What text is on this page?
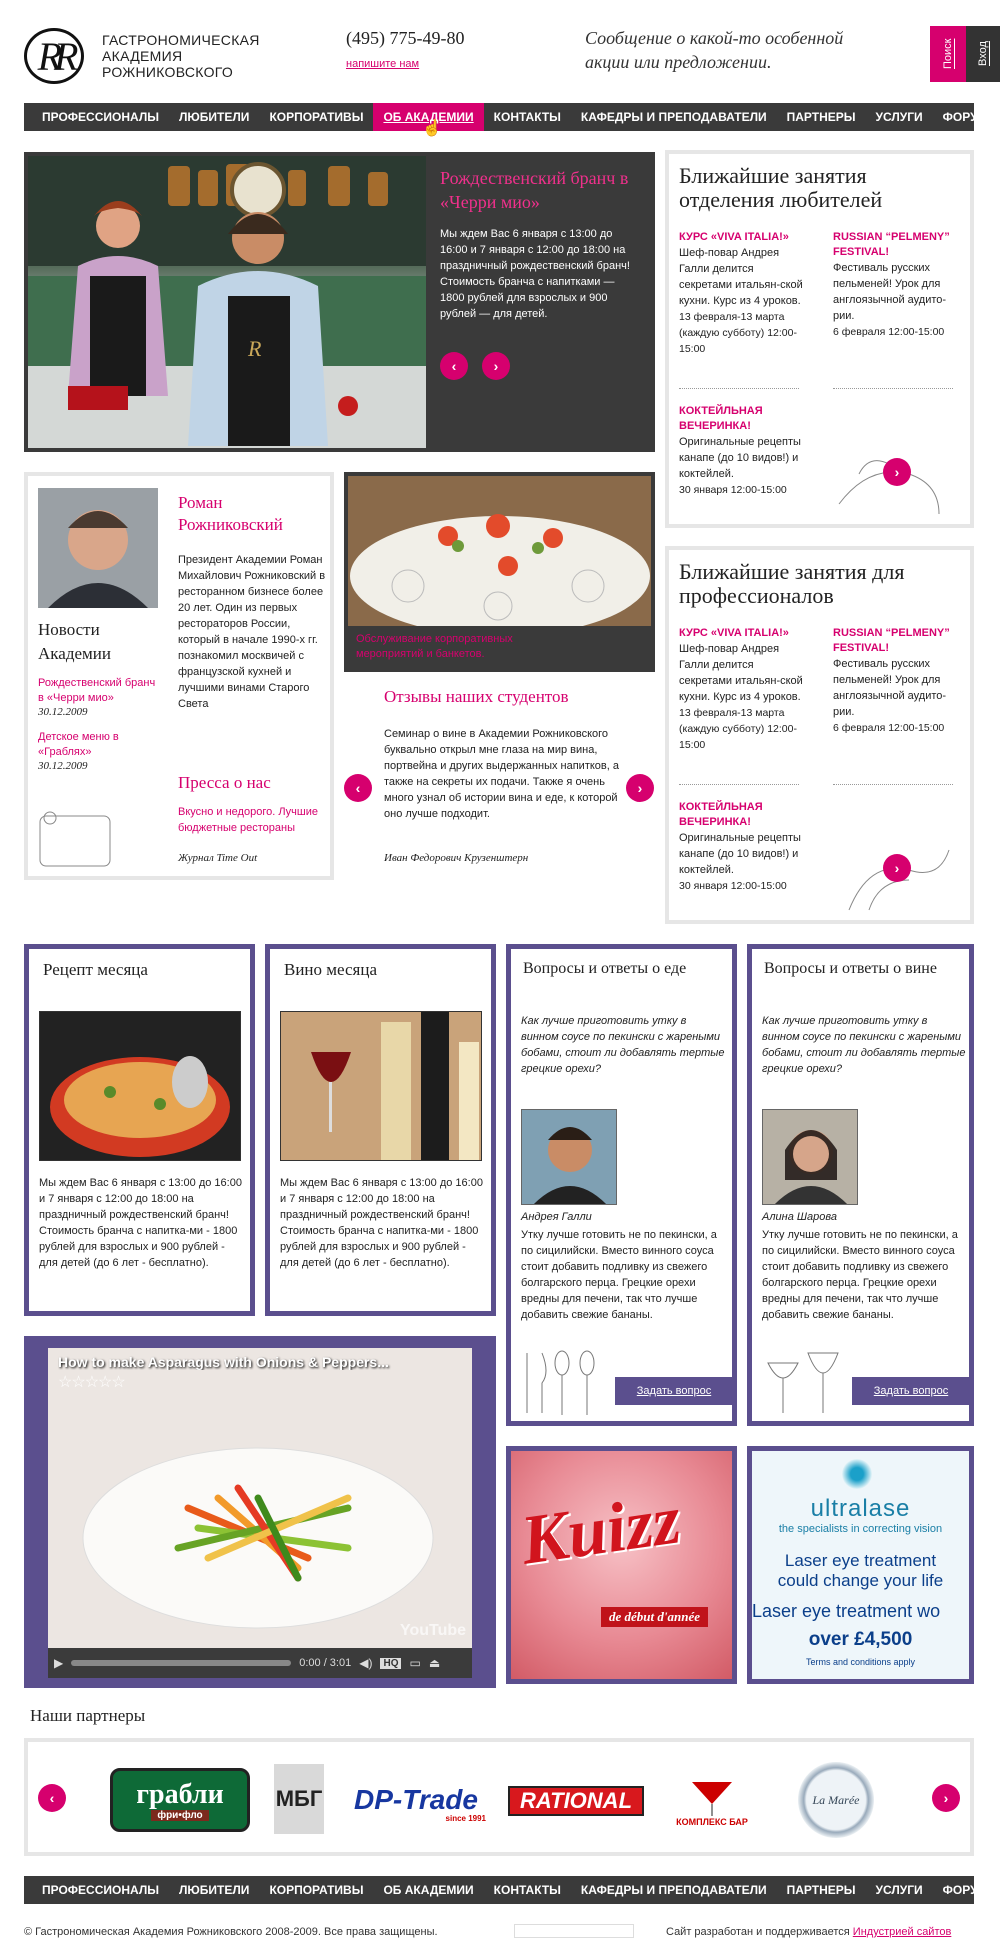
RR ГАСТРОНОМИЧЕСКАЯ АКАДЕМИЯ РОЖНИКОВСКОГО
(495) 775-49-80
напишите нам
Сообщение о какой-то особенной акции или предложении.	Поиск	Вход
ПРОФЕССИОНАЛЫ	ЛЮБИТЕЛИ	КОРПОРАТИВЫ	ОБ АКАДЕМИИ	КОНТАКТЫ	КАФЕДРЫ И ПРЕПОДАВАТЕЛИ	ПАРТНЕРЫ	УСЛУГИ	ФОРУМ
☝
R
Рождественский бранч в «Черри мио»
Мы ждем Вас 6 января с 13:00 до 16:00 и 7 января с 12:00 до 18:00 на праздничный рождественский бранч! Стоимость бранча с напитками — 1800 рублей для взрослых и 900 рублей — для детей.
‹	›
Ближайшие занятия отделения любителей
КУРС «VIVA ITALIA!»
Шеф-повар Андрея Галли делится секретами итальян-ской кухни. Курс из 4 уроков.
13 февраля-13 марта (каждую субботу) 12:00-15:00
RUSSIAN “PELMENY” FESTIVAL!
Фестиваль русских пельменей! Урок для англоязычной аудито-рии.
6 февраля 12:00-15:00
КОКТЕЙЛЬНАЯ ВЕЧЕРИНКА!
Оригинальные рецепты канапе (до 10 видов!) и коктейлей.
30 января 12:00-15:00
›
Новости Академии
Рождественский бранч в «Черри мио»
30.12.2009
Детское меню в «Граблях»
30.12.2009
Роман Рожниковский
Президент Академии Роман Михайлович Рожниковский в ресторанном бизнесе более 20 лет. Один из первых рестораторов России, который в начале 1990-х гг. познакомил москвичей с французской кухней и лучшими винами Старого Света
Пресса о нас
Вкусно и недорого. Лучшие бюджетные рестораны
Журнал Time Out
Обслуживание корпоративных мероприятий и банкетов.
Отзывы наших студентов
Семинар о вине в Академии Рожниковского буквально открыл мне глаза на мир вина, портвейна и других выдержанных напитков, а также на секреты их подачи. Также я очень много узнал об истории вина и еде, к которой оно лучше подходит.
Иван Федорович Крузенштерн
‹	›
Ближайшие занятия для профессионалов
КУРС «VIVA ITALIA!»
Шеф-повар Андрея Галли делится секретами итальян-ской кухни. Курс из 4 уроков.
13 февраля-13 марта (каждую субботу) 12:00-15:00
RUSSIAN “PELMENY” FESTIVAL!
Фестиваль русских пельменей! Урок для англоязычной аудито-рии.
6 февраля 12:00-15:00
КОКТЕЙЛЬНАЯ ВЕЧЕРИНКА!
Оригинальные рецепты канапе (до 10 видов!) и коктейлей.
30 января 12:00-15:00
›
Рецепт месяца
Мы ждем Вас 6 января с 13:00 до 16:00 и 7 января с 12:00 до 18:00 на праздничный рождественский бранч! Стоимость бранча с напитка-ми - 1800 рублей для взрослых и 900 рублей - для детей (до 6 лет - бесплатно).
Вино месяца
Мы ждем Вас 6 января с 13:00 до 16:00 и 7 января с 12:00 до 18:00 на праздничный рождественский бранч! Стоимость бранча с напитка-ми - 1800 рублей для взрослых и 900 рублей - для детей (до 6 лет - бесплатно).
Вопросы и ответы о еде
Как лучше приготовить утку в винном соусе по пекински с жареными бобами, стоит ли добавлять тертые грецкие орехи?
Андрея Галли
Утку лучше готовить не по пекински, а по сицилийски. Вместо винного соуса стоит добавить подливку из свежего болгарского перца. Грецкие орехи вредны для печени, так что лучше добавить свежие бананы.
Задать вопрос
Вопросы и ответы о вине
Как лучше приготовить утку в винном соусе по пекински с жареными бобами, стоит ли добавлять тертые грецкие орехи?
Алина Шарова
Утку лучше готовить не по пекински, а по сицилийски. Вместо винного соуса стоит добавить подливку из свежего болгарского перца. Грецкие орехи вредны для печени, так что лучше добавить свежие бананы.
Задать вопрос
How to make Asparagus with Onions & Peppers...
☆☆☆☆☆
YouTube
▶	0:00 / 3:01 ◀)	HQ ▭ ⏏
Kuizz
de début d'année
ultralase
the specialists in correcting vision
Laser eye treatment
could change your life
Laser eye treatment wo
over £4,500
Terms and conditions apply
Наши партнеры
‹	›
грабли
фри•фло
МБГ DP-Trade
since 1991
RATIONAL
КОМПЛЕКС БАР
La Marée
ПРОФЕССИОНАЛЫ	ЛЮБИТЕЛИ	КОРПОРАТИВЫ	ОБ АКАДЕМИИ	КОНТАКТЫ	КАФЕДРЫ И ПРЕПОДАВАТЕЛИ	ПАРТНЕРЫ	УСЛУГИ	ФОРУМ
© Гастрономическая Академия Рожниковского 2008-2009. Все права защищены.	Сайт разработан и поддерживается Индустрией сайтов
